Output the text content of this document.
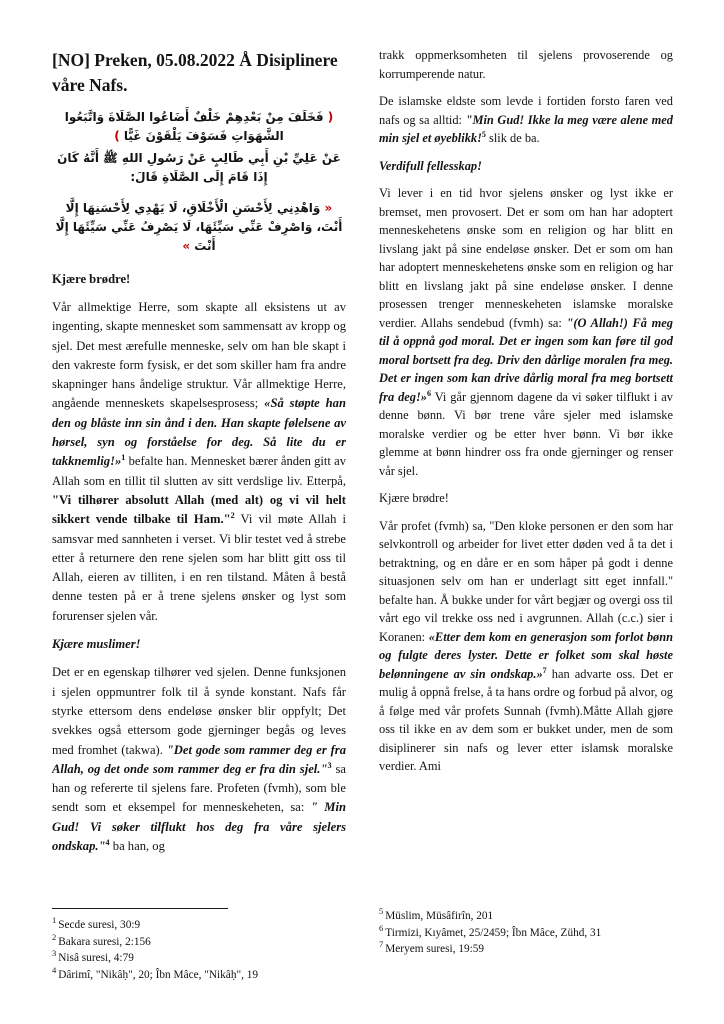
[NO] Preken, 05.08.2022 Å Disiplinere
våre Nafs.
( فَخَلَفَ مِنْ بَعْدِهِمْ خَلْفٌ أَضَاعُوا الصَّلَاةَ وَاتَّبَعُوا الشَّهَوَاتِ فَسَوْفَ يَلْقَوْنَ غَيًّا )
عَنْ عَلِيِّ بْنِ أَبِي طَالِبٍ عَنْ رَسُولِ اللهِ ﷺ أَنَّهُ كَانَ إِذَا قَامَ إِلَى الصَّلَاةِ قَالَ:
« وَاهْدِنِي لِأَحْسَنِ الْأَخْلَاقِ، لَا يَهْدِي لِأَحْسَنِهَا إِلَّا أَنْتَ، وَاصْرِفْ عَنِّي سَيِّئَهَا، لَا يَصْرِفُ عَنِّي سَيِّئَهَا إِلَّا أَنْتَ »
Kjære brødre!

Vår allmektige Herre, som skapte all eksistens ut av ingenting, skapte mennesket som sammensatt av kropp og sjel. Det mest ærefulle menneske, selv om han ble skapt i den vakreste form fysisk, er det som skiller ham fra andre skapninger hans åndelige struktur. Vår allmektige Herre, angående menneskets skapelsesprosess; «Så støpte han den og blåste inn sin ånd i den. Han skapte følelsene av hørsel, syn og forståelse for deg. Så lite du er takknemlig!»$^1$ befalte han. Mennesket bærer ånden gitt av Allah som en tillit til slutten av sitt verdslige liv. Etterpå, "Vi tilhører absolutt Allah (med alt) og vi vil helt sikkert vende tilbake til Ham."$^2$ Vi vil møte Allah i samsvar med sannheten i verset. Vi blir testet ved å strebe etter å returnere den rene sjelen som har blitt gitt oss til Allah, eieren av tilliten, i en ren tilstand. Måten å bestå denne testen på er å trene sjelens ønsker og lyst som forurenser sjelen vår.

Kjære muslimer!

Det er en egenskap tilhører ved sjelen. Denne funksjonen i sjelen oppmuntrer folk til å synde konstant. Nafs får styrke ettersom dens endeløse ønsker blir oppfylt; Det svekkes også ettersom gode gjerninger begås og leves med fromhet (takwa). "Det gode som rammer deg er fra Allah, og det onde som rammer deg er fra din sjel."$^3$ sa han og refererte til sjelens fare. Profeten (fvmh), som ble sendt som et eksempel for menneskeheten, sa: " Min Gud! Vi søker tilflukt hos deg fra våre sjelers ondskap."$^4$ ba han, og

$^1$ Secde suresi, 30:9
$^2$ Bakara suresi, 2:156
$^3$ Nisâ suresi, 4:79
$^4$ Dârimî, "Nikâḥ", 20; Îbn Mâce, "Nikâḥ", 19

trakk oppmerksomheten til sjelens provoserende og korrumperende natur.

De islamske eldste som levde i fortiden forsto faren ved nafs og sa alltid: "Min Gud! Ikke la meg være alene med min sjel et øyeblikk!$^5$ slik de ba.

Verdifull fellesskap!

Vi lever i en tid hvor sjelens ønsker og lyst ikke er bremset, men provosert. Det er som om han har adoptert menneskehetens ønske som en religion og har blitt en livslang jakt på sine endeløse ønsker. Det er som om han har adoptert menneskehetens ønske som en religion og har blitt en livslang jakt på sine endeløse ønsker. I denne prosessen trenger menneskeheten islamske moralske verdier. Allahs sendebud (fvmh) sa: "(O Allah!) Få meg til å oppnå god moral. Det er ingen som kan føre til god moral bortsett fra deg. Driv den dårlige moralen fra meg. Det er ingen som kan drive dårlig moral fra meg bortsett fra deg!»$^6$ Vi går gjennom dagene da vi søker tilflukt i av denne bønn. Vi bør trene våre sjeler med islamske moralske verdier og be etter hver bønn. Vi bør ikke glemme at bønn hindrer oss fra onde gjerninger og renser vår sjel.

Kjære brødre!

Vår profet (fvmh) sa, "Den kloke personen er den som har selvkontroll og arbeider for livet etter døden ved å ta det i betraktning, og en dåre er en som håper på godt i denne situasjonen selv om han er underlagt sitt eget innfall." befalte han. Å bukke under for vårt begjær og overgi oss til vårt ego vil trekke oss ned i avgrunnen. Allah (c.c.) sier i Koranen: «Etter dem kom en generasjon som forlot bønn og fulgte deres lyster. Dette er folket som skal høste belønningene av sin ondskap.»$^7$ han advarte oss. Det er mulig å oppnå frelse, å ta hans ordre og forbud på alvor, og å følge med vår profets Sunnah (fvmh).Måtte Allah gjøre oss til ikke en av dem som er bukket under, men de som disiplinerer sin nafs og lever etter islamsk moralske verdier. Ami

$^5$ Müslim, Müsâfirîn, 201
$^6$ Tirmizi, Kıyâmet, 25/2459; Îbn Mâce, Zühd, 31
$^7$ Meryem suresi, 19:59
